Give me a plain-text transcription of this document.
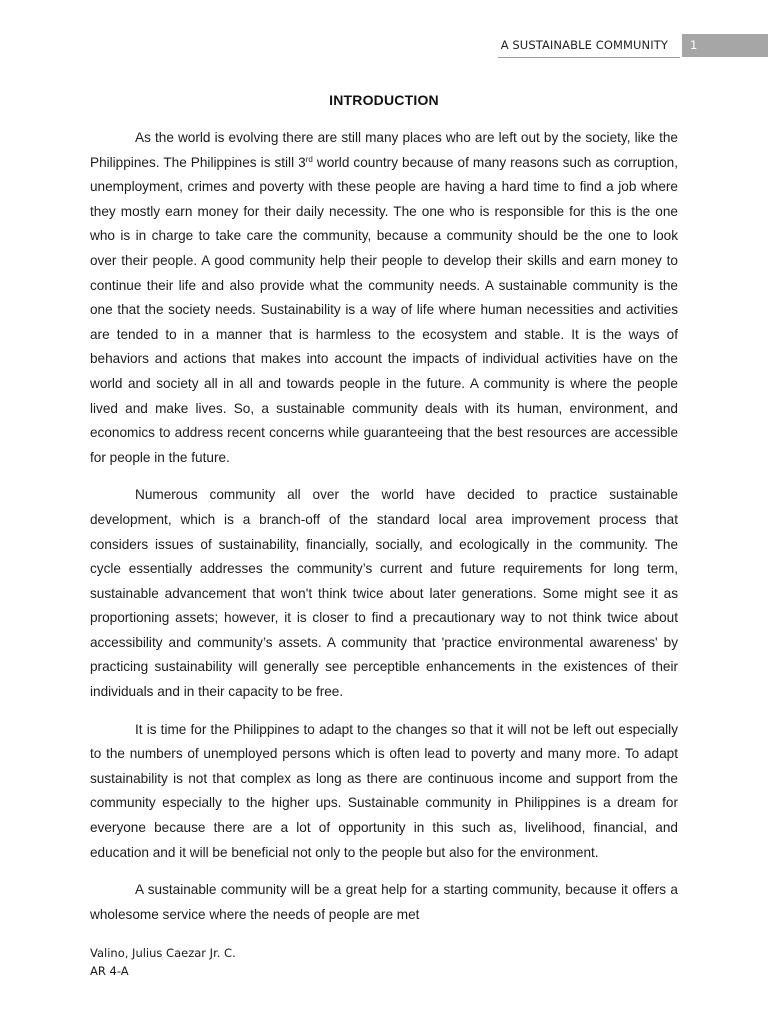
A SUSTAINABLE COMMUNITY 1
INTRODUCTION

As the world is evolving there are still many places who are left out by the society, like the Philippines. The Philippines is still 3rd world country because of many reasons such as corruption, unemployment, crimes and poverty with these people are having a hard time to find a job where they mostly earn money for their daily necessity. The one who is responsible for this is the one who is in charge to take care the community, because a community should be the one to look over their people. A good community help their people to develop their skills and earn money to continue their life and also provide what the community needs. A sustainable community is the one that the society needs. Sustainability is a way of life where human necessities and activities are tended to in a manner that is harmless to the ecosystem and stable. It is the ways of behaviors and actions that makes into account the impacts of individual activities have on the world and society all in all and towards people in the future. A community is where the people lived and make lives. So, a sustainable community deals with its human, environment, and economics to address recent concerns while guaranteeing that the best resources are accessible for people in the future.

Numerous community all over the world have decided to practice sustainable development, which is a branch-off of the standard local area improvement process that considers issues of sustainability, financially, socially, and ecologically in the community. The cycle essentially addresses the community’s current and future requirements for long term, sustainable advancement that won't think twice about later generations. Some might see it as proportioning assets; however, it is closer to find a precautionary way to not think twice about accessibility and community’s assets. A community that 'practice environmental awareness' by practicing sustainability will generally see perceptible enhancements in the existences of their individuals and in their capacity to be free.

It is time for the Philippines to adapt to the changes so that it will not be left out especially to the numbers of unemployed persons which is often lead to poverty and many more. To adapt sustainability is not that complex as long as there are continuous income and support from the community especially to the higher ups. Sustainable community in Philippines is a dream for everyone because there are a lot of opportunity in this such as, livelihood, financial, and education and it will be beneficial not only to the people but also for the environment.

A sustainable community will be a great help for a starting community, because it offers a wholesome service where the needs of people are met

Valino, Julius Caezar Jr. C.
AR 4-A
